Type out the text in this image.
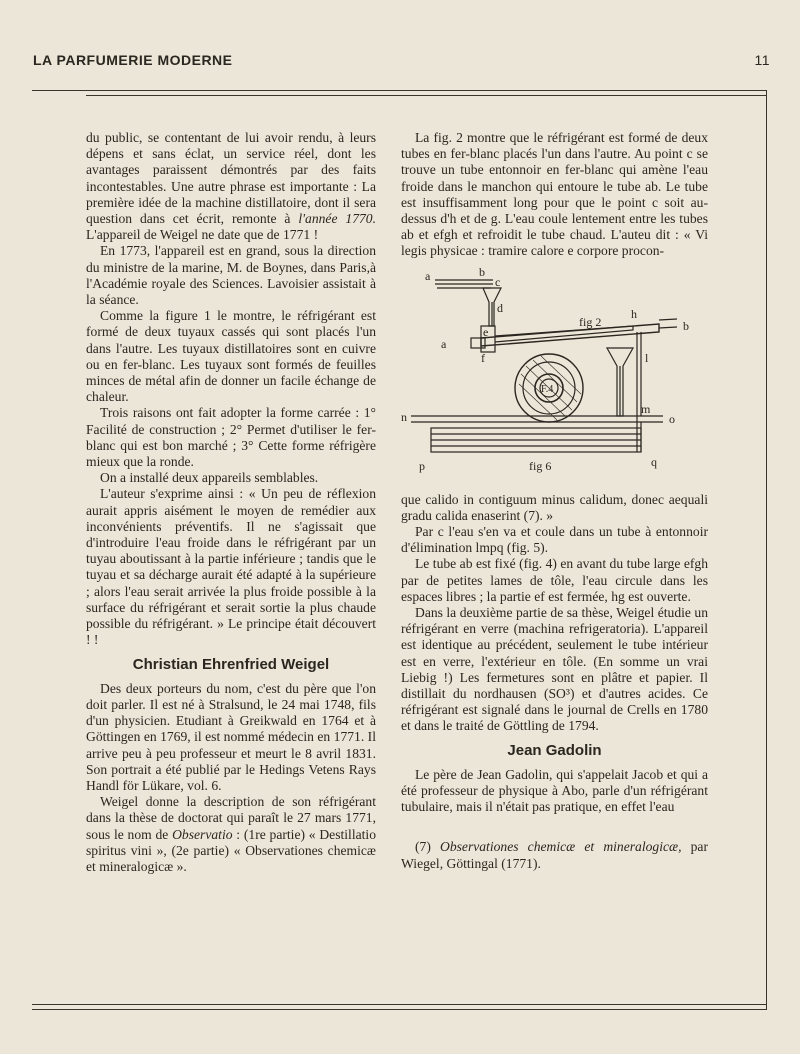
LA PARFUMERIE MODERNE	11

du public, se contentant de lui avoir rendu, à leurs dépens et sans éclat, un service réel, dont les avantages paraissent démontrés par des faits incontestables. Une autre phrase est importante : La première idée de la machine distillatoire, dont il sera question dans cet écrit, remonte à l'année 1770. L'appareil de Weigel ne date que de 1771 !

En 1773, l'appareil est en grand, sous la direction du ministre de la marine, M. de Boynes, dans Paris,à l'Académie royale des Sciences. Lavoisier assistait à la séance.

Comme la figure 1 le montre, le réfrigérant est formé de deux tuyaux cassés qui sont placés l'un dans l'autre. Les tuyaux distillatoires sont en cuivre ou en fer-blanc. Les tuyaux sont formés de feuilles minces de métal afin de donner un facile échange de chaleur.

Trois raisons ont fait adopter la forme carrée : 1° Facilité de construction ; 2° Permet d'utiliser le fer-blanc qui est bon marché ; 3° Cette forme réfrigère mieux que la ronde.

On a installé deux appareils semblables.

L'auteur s'exprime ainsi : « Un peu de réflexion aurait appris aisément le moyen de remédier aux inconvénients préventifs. Il ne s'agissait que d'introduire l'eau froide dans le réfrigérant par un tuyau aboutissant à la partie inférieure ; tandis que le tuyau et sa décharge aurait été adapté à la supérieure ; alors l'eau serait arrivée la plus froide possible à la surface du réfrigérant et serait sortie la plus chaude possible du réfrigérant. » Le principe était découvert ! !

Christian Ehrenfried Weigel

Des deux porteurs du nom, c'est du père que l'on doit parler. Il est né à Stralsund, le 24 mai 1748, fils d'un physicien. Etudiant à Greikwald en 1764 et à Göttingen en 1769, il est nommé médecin en 1771. Il arrive peu à peu professeur et meurt le 8 avril 1831. Son portrait a été publié par le Hedings Vetens Rays Handl för Lükare, vol. 6.

Weigel donne la description de son réfrigérant dans la thèse de doctorat qui paraît le 27 mars 1771, sous le nom de Observatio : (1re partie) « Destillatio spiritus vini », (2e partie) « Observationes chemicæ et mineralogicæ ».

La fig. 2 montre que le réfrigérant est formé de deux tubes en fer-blanc placés l'un dans l'autre. Au point c se trouve un tube entonnoir en fer-blanc qui amène l'eau froide dans le manchon qui entoure le tube ab. Le tube est insuffisamment long pour que le point c soit au-dessus d'h et de g. L'eau coule lentement entre les tubes ab et efgh et refroidit le tube chaud. L'auteu dit : « Vi legis physicae : tramire calore e corpore procon-

a	b
c
d
e
a
f
fig 2
h
b
l
F.4
m
n	o
p	q
fig 6

que calido in contiguum minus calidum, donec aequali gradu calida enaserint (7). »

Par c l'eau s'en va et coule dans un tube à entonnoir d'élimination lmpq (fig. 5).

Le tube ab est fixé (fig. 4) en avant du tube large efgh par de petites lames de tôle, l'eau circule dans les espaces libres ; la partie ef est fermée, hg est ouverte.

Dans la deuxième partie de sa thèse, Weigel étudie un réfrigérant en verre (machina refrigeratoria). L'appareil est identique au précédent, seulement le tube intérieur est en verre, l'extérieur en tôle. (En somme un vrai Liebig !) Les fermetures sont en plâtre et papier. Il distillait du nordhausen (SO³) et d'autres acides. Ce réfrigérant est signalé dans le journal de Crells en 1780 et dans le traité de Göttling de 1794.

Jean Gadolin

Le père de Jean Gadolin, qui s'appelait Jacob et qui a été professeur de physique à Abo, parle d'un réfrigérant tubulaire, mais il n'était pas pratique, en effet l'eau

(7) Observationes chemicæ et mineralogicæ, par Wiegel, Göttingal (1771).
